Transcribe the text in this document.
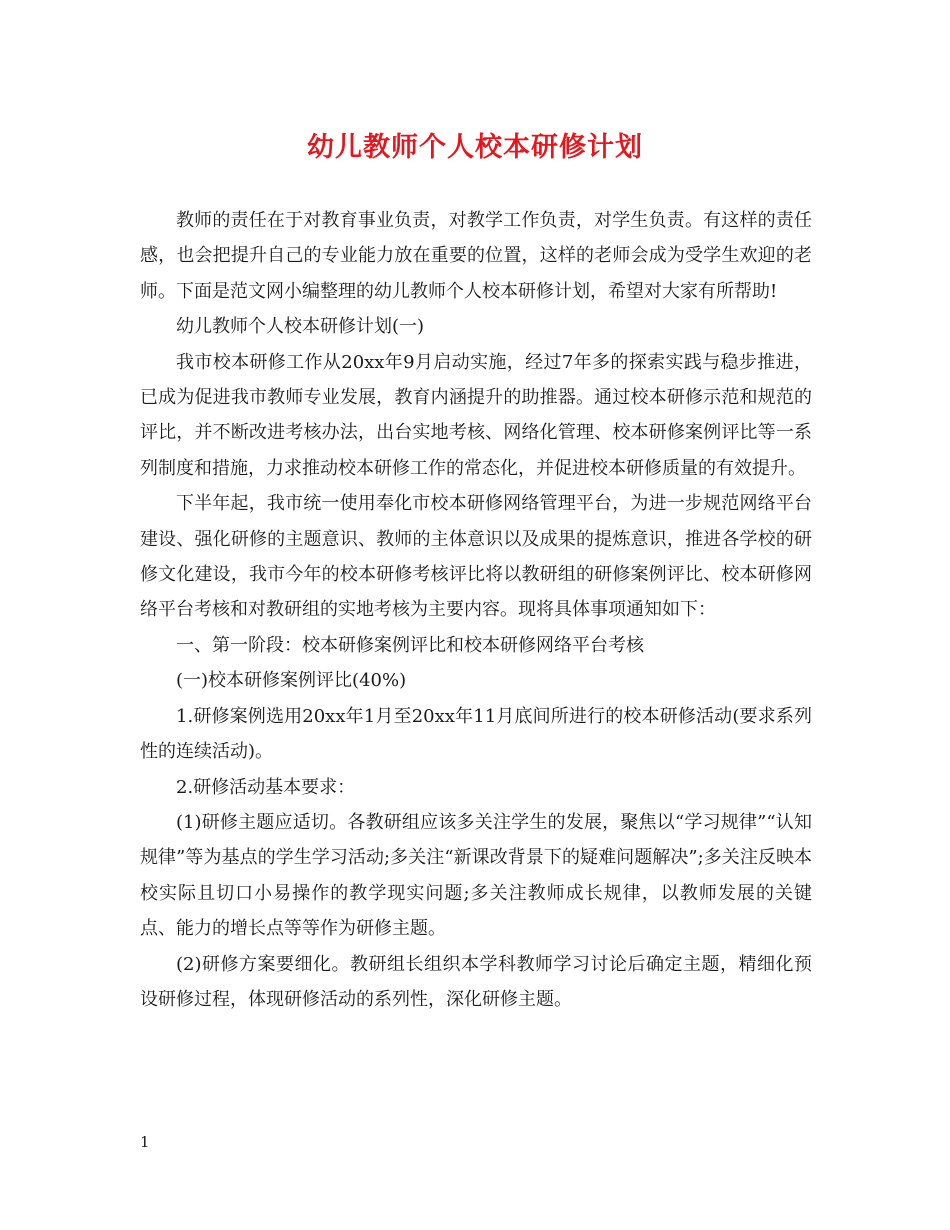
幼儿教师个人校本研修计划

教师的责任在于对教育事业负责，对教学工作负责，对学生负责。有这样的责任感，也会把提升自己的专业能力放在重要的位置，这样的老师会成为受学生欢迎的老师。下面是范文网小编整理的幼儿教师个人校本研修计划，希望对大家有所帮助!

幼儿教师个人校本研修计划(一)

我市校本研修工作从20xx年9月启动实施，经过7年多的探索实践与稳步推进，已成为促进我市教师专业发展，教育内涵提升的助推器。通过校本研修示范和规范的评比，并不断改进考核办法，出台实地考核、网络化管理、校本研修案例评比等一系列制度和措施，力求推动校本研修工作的常态化，并促进校本研修质量的有效提升。

下半年起，我市统一使用奉化市校本研修网络管理平台，为进一步规范网络平台建设、强化研修的主题意识、教师的主体意识以及成果的提炼意识，推进各学校的研修文化建设，我市今年的校本研修考核评比将以教研组的研修案例评比、校本研修网络平台考核和对教研组的实地考核为主要内容。现将具体事项通知如下：

一、第一阶段：校本研修案例评比和校本研修网络平台考核

(一)校本研修案例评比(40%)

1.研修案例选用20xx年1月至20xx年11月底间所进行的校本研修活动(要求系列性的连续活动)。

2.研修活动基本要求：

(1)研修主题应适切。各教研组应该多关注学生的发展，聚焦以“学习规律”“认知规律”等为基点的学生学习活动;多关注“新课改背景下的疑难问题解决”;多关注反映本校实际且切口小易操作的教学现实问题;多关注教师成长规律，以教师发展的关键点、能力的增长点等等作为研修主题。

(2)研修方案要细化。教研组长组织本学科教师学习讨论后确定主题，精细化预设研修过程，体现研修活动的系列性，深化研修主题。

1
